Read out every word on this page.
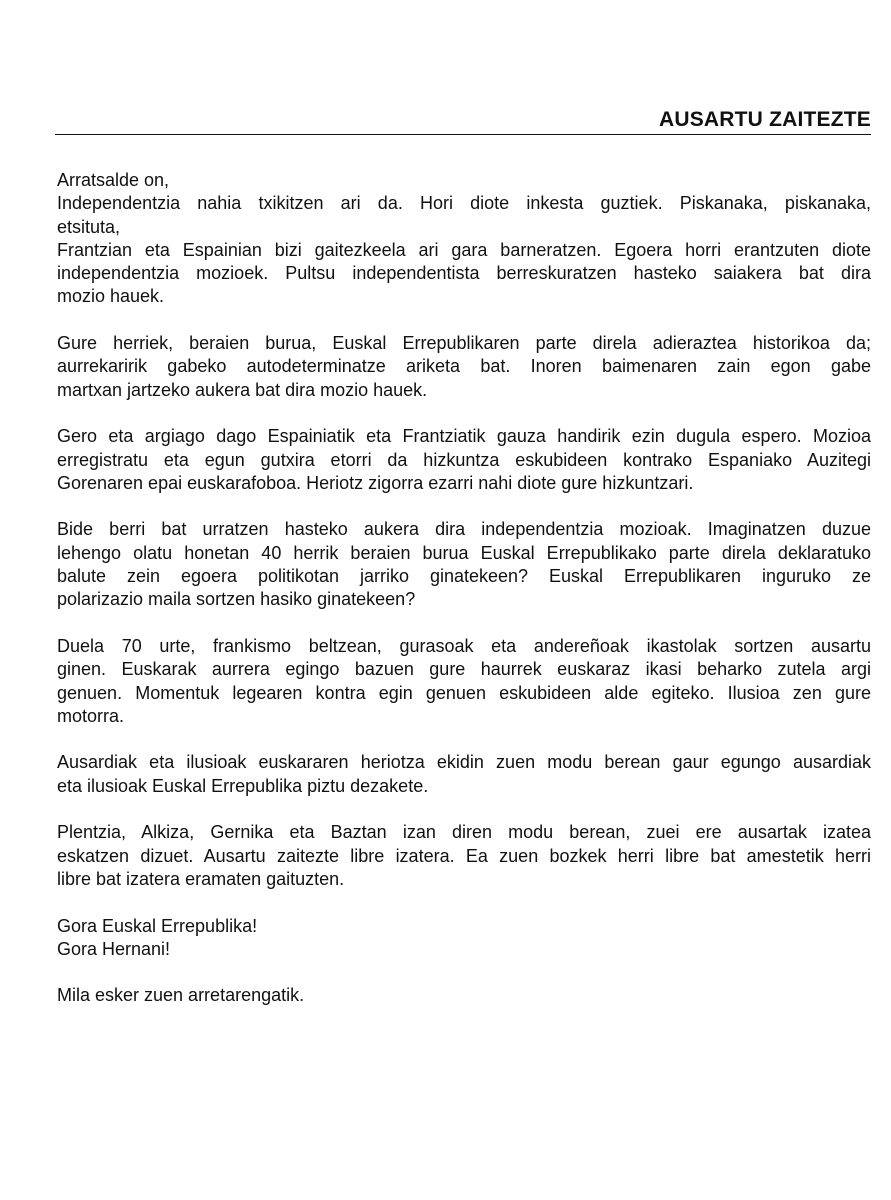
AUSARTU ZAITEZTE

Arratsalde on,

Independentzia nahia txikitzen ari da. Hori diote inkesta guztiek. Piskanaka, piskanaka,

etsituta,

Frantzian eta Espainian bizi gaitezkeela ari gara barneratzen. Egoera horri erantzuten diote

independentzia mozioek. Pultsu independentista berreskuratzen hasteko saiakera bat dira

mozio hauek.

Gure herriek, beraien burua, Euskal Errepublikaren parte direla adieraztea historikoa da;

aurrekaririk gabeko autodeterminatze ariketa bat. Inoren baimenaren zain egon gabe

martxan jartzeko aukera bat dira mozio hauek.

Gero eta argiago dago Espainiatik eta Frantziatik gauza handirik ezin dugula espero. Mozioa

erregistratu eta egun gutxira etorri da hizkuntza eskubideen kontrako Espaniako Auzitegi

Gorenaren epai euskarafoboa. Heriotz zigorra ezarri nahi diote gure hizkuntzari.

Bide berri bat urratzen hasteko aukera dira independentzia mozioak. Imaginatzen duzue

lehengo olatu honetan 40 herrik beraien burua Euskal Errepublikako parte direla deklaratuko

balute zein egoera politikotan jarriko ginatekeen? Euskal Errepublikaren inguruko ze

polarizazio maila sortzen hasiko ginatekeen?

Duela 70 urte, frankismo beltzean, gurasoak eta andereñoak ikastolak sortzen ausartu

ginen. Euskarak aurrera egingo bazuen gure haurrek euskaraz ikasi beharko zutela argi

genuen. Momentuk legearen kontra egin genuen eskubideen alde egiteko. Ilusioa zen gure

motorra.

Ausardiak eta ilusioak euskararen heriotza ekidin zuen modu berean gaur egungo ausardiak

eta ilusioak Euskal Errepublika piztu dezakete.

Plentzia, Alkiza, Gernika eta Baztan izan diren modu berean, zuei ere ausartak izatea

eskatzen dizuet. Ausartu zaitezte libre izatera. Ea zuen bozkek herri libre bat amestetik herri

libre bat izatera eramaten gaituzten.

Gora Euskal Errepublika!

Gora Hernani!

Mila esker zuen arretarengatik.
